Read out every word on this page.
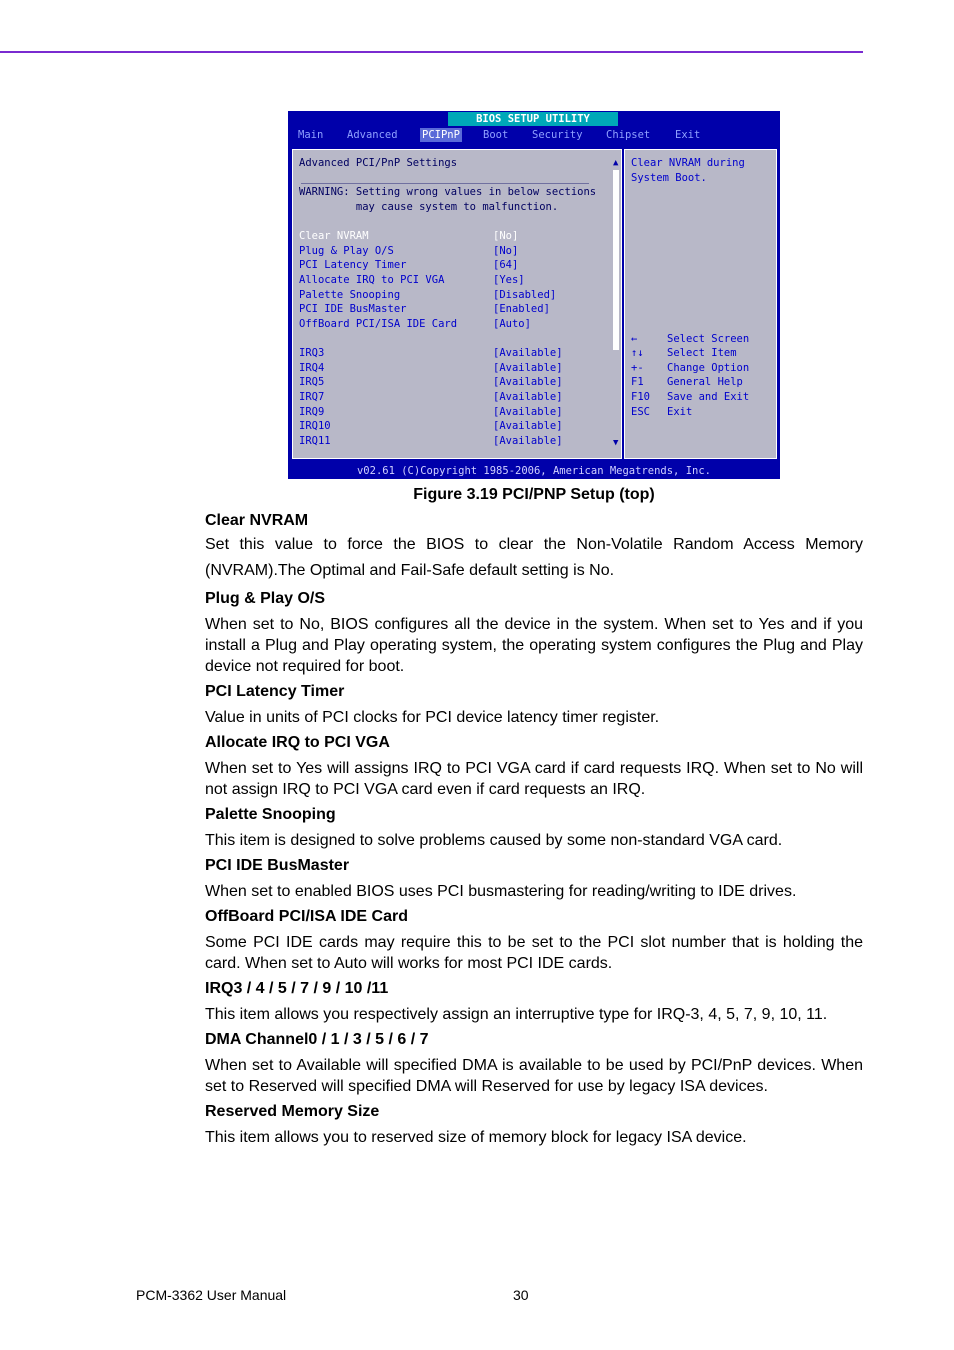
BIOS SETUP UTILITY
Main Advanced PCIPnP Boot Security Chipset Exit
Advanced PCI/PnP Settings
WARNING: Setting wrong values in below sections
may cause system to malfunction.
Clear NVRAM	[No]
Plug & Play O/S	[No]
PCI Latency Timer	[64]
Allocate IRQ to PCI VGA	[Yes]
Palette Snooping	[Disabled]
PCI IDE BusMaster	[Enabled]
OffBoard PCI/ISA IDE Card	[Auto]
IRQ3	[Available]
IRQ4	[Available]
IRQ5	[Available]
IRQ7	[Available]
IRQ9	[Available]
IRQ10	[Available]
IRQ11	[Available]
▲
▼
Clear NVRAM during
System Boot.
←	Select Screen
↑↓ Select Item
+- Change Option
F1 General Help
F10 Save and Exit
ESC Exit
v02.61 (C)Copyright 1985-2006, American Megatrends, Inc.
Figure 3.19 PCI/PNP Setup (top)
Clear NVRAM

Set this value to force the BIOS to clear the Non-Volatile Random Access Memory (NVRAM).The Optimal and Fail-Safe default setting is No.

Plug & Play O/S

When set to No, BIOS configures all the device in the system. When set to Yes and if you install a Plug and Play operating system, the operating system configures the Plug and Play device not required for boot.

PCI Latency Timer

Value in units of PCI clocks for PCI device latency timer register.

Allocate IRQ to PCI VGA

When set to Yes will assigns IRQ to PCI VGA card if card requests IRQ. When set to No will not assign IRQ to PCI VGA card even if card requests an IRQ.

Palette Snooping

This item is designed to solve problems caused by some non-standard VGA card.

PCI IDE BusMaster

When set to enabled BIOS uses PCI busmastering for reading/writing to IDE drives.

OffBoard PCI/ISA IDE Card

Some PCI IDE cards may require this to be set to the PCI slot number that is holding the card. When set to Auto will works for most PCI IDE cards.

IRQ3 / 4 / 5 / 7 / 9 / 10 /11

This item allows you respectively assign an interruptive type for IRQ-3, 4, 5, 7, 9, 10, 11.

DMA Channel0 / 1 / 3 / 5 / 6 / 7

When set to Available will specified DMA is available to be used by PCI/PnP devices. When set to Reserved will specified DMA will Reserved for use by legacy ISA devices.

Reserved Memory Size

This item allows you to reserved size of memory block for legacy ISA device.

PCM-3362 User Manual	30
